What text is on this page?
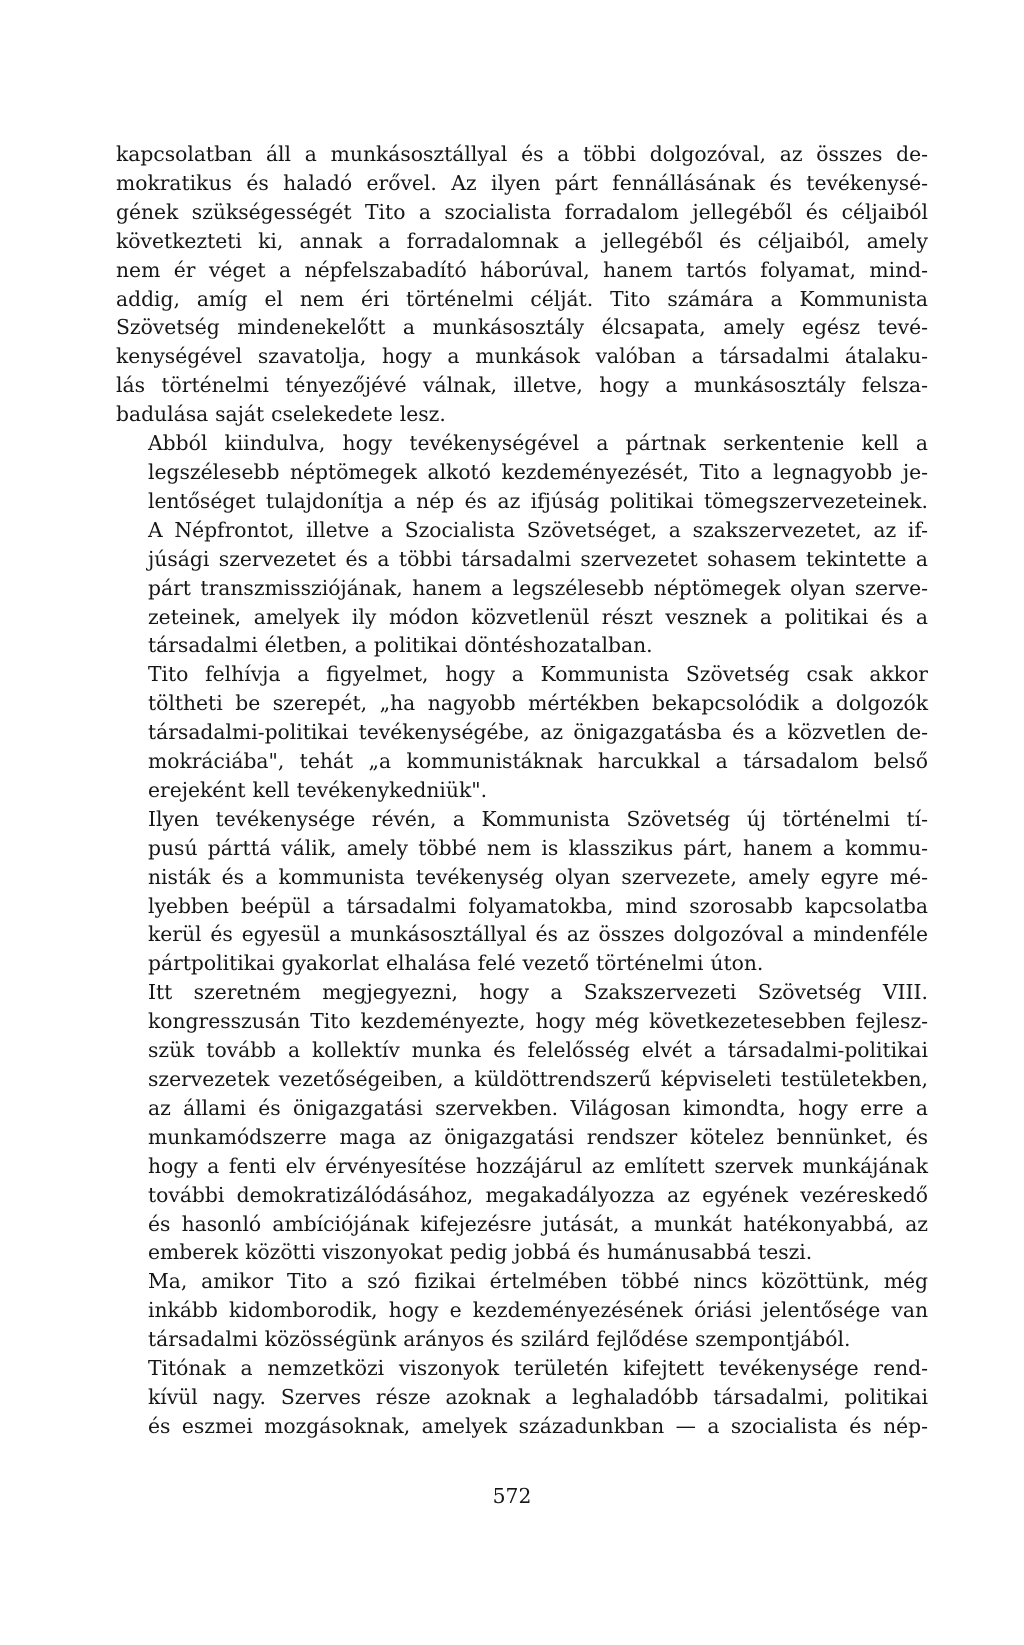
kapcsolatban áll a munkásosztállyal és a többi dolgozóval, az összes de-
mokratikus és haladó erővel. Az ilyen párt fennállásának és tevékenysé-
gének szükségességét Tito a szocialista forradalom jellegéből és céljaiból
következteti ki, annak a forradalomnak a jellegéből és céljaiból, amely
nem ér véget a népfelszabadító háborúval, hanem tartós folyamat, mind-
addig, amíg el nem éri történelmi célját. Tito számára a Kommunista
Szövetség mindenekelőtt a munkásosztály élcsapata, amely egész tevé-
kenységével szavatolja, hogy a munkások valóban a társadalmi átalaku-
lás történelmi tényezőjévé válnak, illetve, hogy a munkásosztály felsza-
badulása saját cselekedete lesz.
Abból kiindulva, hogy tevékenységével a pártnak serkentenie kell a
legszélesebb néptömegek alkotó kezdeményezését, Tito a legnagyobb je-
lentőséget tulajdonítja a nép és az ifjúság politikai tömegszervezeteinek.
A Népfrontot, illetve a Szocialista Szövetséget, a szakszervezetet, az if-
júsági szervezetet és a többi társadalmi szervezetet sohasem tekintette a
párt transzmissziójának, hanem a legszélesebb néptömegek olyan szerve-
zeteinek, amelyek ily módon közvetlenül részt vesznek a politikai és a
társadalmi életben, a politikai döntéshozatalban.
Tito felhívja a figyelmet, hogy a Kommunista Szövetség csak akkor
töltheti be szerepét, „ha nagyobb mértékben bekapcsolódik a dolgozók
társadalmi-politikai tevékenységébe, az önigazgatásba és a közvetlen de-
mokráciába", tehát „a kommunistáknak harcukkal a társadalom belső
erejeként kell tevékenykedniük".
Ilyen tevékenysége révén, a Kommunista Szövetség új történelmi tí-
pusú párttá válik, amely többé nem is klasszikus párt, hanem a kommu-
nisták és a kommunista tevékenység olyan szervezete, amely egyre mé-
lyebben beépül a társadalmi folyamatokba, mind szorosabb kapcsolatba
kerül és egyesül a munkásosztállyal és az összes dolgozóval a mindenféle
pártpolitikai gyakorlat elhalása felé vezető történelmi úton.
Itt szeretném megjegyezni, hogy a Szakszervezeti Szövetség VIII.
kongresszusán Tito kezdeményezte, hogy még következetesebben fejlesz-
szük tovább a kollektív munka és felelősség elvét a társadalmi-politikai
szervezetek vezetőségeiben, a küldöttrendszerű képviseleti testületekben,
az állami és önigazgatási szervekben. Világosan kimondta, hogy erre a
munkamódszerre maga az önigazgatási rendszer kötelez bennünket, és
hogy a fenti elv érvényesítése hozzájárul az említett szervek munkájának
további demokratizálódásához, megakadályozza az egyének vezéreskedő
és hasonló ambíciójának kifejezésre jutását, a munkát hatékonyabbá, az
emberek közötti viszonyokat pedig jobbá és humánusabbá teszi.
Ma, amikor Tito a szó fizikai értelmében többé nincs közöttünk, még
inkább kidomborodik, hogy e kezdeményezésének óriási jelentősége van
társadalmi közösségünk arányos és szilárd fejlődése szempontjából.
Titónak a nemzetközi viszonyok területén kifejtett tevékenysége rend-
kívül nagy. Szerves része azoknak a leghaladóbb társadalmi, politikai
és eszmei mozgásoknak, amelyek századunkban — a szocialista és nép-
572
